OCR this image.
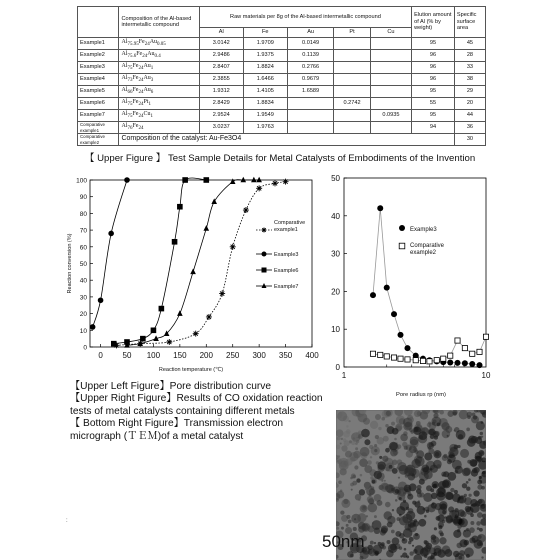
	Composition of the Al-based intermetallic compound	Raw materials per 8g of the Al-based intermetallic compound					Elution amount of Al (% by weight)	Specific surface area
		Al	Fe	Au	Pt	Cu		
Example1	$Al_{75.95}Fe_{24}Au_{0.05}$	3.0142	1.9709	0.0149			95	45
Example2	$Al_{75.6}Fe_{24}Au_{0.4}$	2.9486	1.9375	0.1139			96	28
Example3	$Al_{75}Fe_{24}Au_1$	2.8407	1.8824	0.2766			96	33
Example4	$Al_{73}Fe_{24}Au_3$	2.3855	1.6466	0.9679			96	38
Example5	$Al_{66}Fe_{24}Au_6$	1.9312	1.4105	1.6589			95	29
Example6	$Al_{75}Fe_{24}Pt_1$	2.8429	1.8834		0.2742		55	20
Example7	$Al_{75}Fe_{24}Cu_1$	2.9524	1.9549			0.0935	95	44
Comparative example1	$Al_{76}Fe_{24}$	3.0237	1.9763				94	36
Comparative example2	Composition of the catalyst: Au-Fe3O4							30
【 Upper Figure 】 Test Sample Details for Metal Catalysts of Embodiments of the Invention
0 50 100 150 200 250 300 350 400
0
10
20
30
40
50
60
70
80
90
100
Reaction temperature (℃)
Reaction conversion (%)
Comparative
example1
Example3
Example6
Example7
0
10
20
30
40
50
1	10
Pore radius rp (nm)
Example3
Comparative
example2
【Upper Left Figure】Pore distribution curve
【Upper Right Figure】Results of CO oxidation reaction tests of metal catalysts containing different metals
【 Bottom Right Figure】Transmission electron micrograph (ＴＥＭ)of a metal catalyst
:
50nm
